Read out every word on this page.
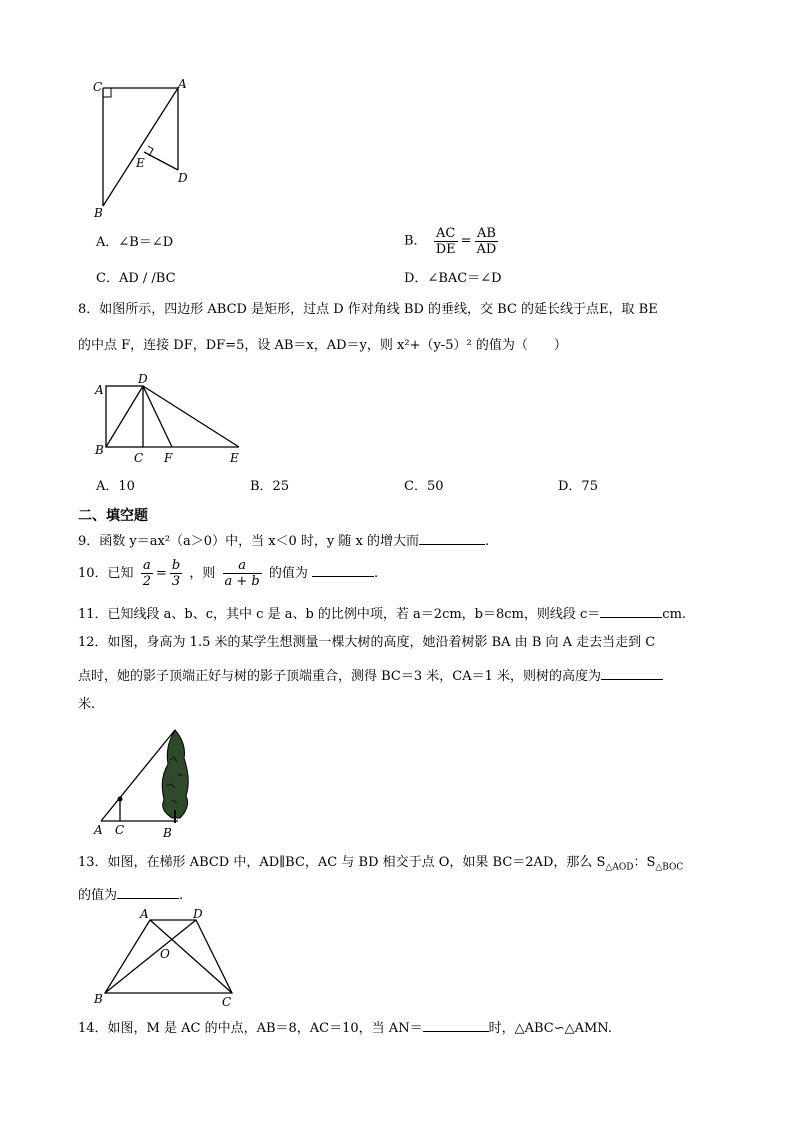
C	A
E
D
B
A．∠B＝∠D	B． $\frac{AC}{DE} = \frac{AB}{AD}$
C．AD / /BC	D．∠BAC＝∠D
8．如图所示，四边形 ABCD 是矩形，过点 D 作对角线 BD 的垂线，交 BC 的延长线于点E，取 BE
的中点 F，连接 DF，DF=5，设 AB＝x，AD＝y，则 x²+（y-5）² 的值为（　　）
A
D
B
C F	E
A．10	B．25	C．50	D．75
二、填空题
9．函数 y＝ax²（a＞0）中，当 x＜0 时，y 随 x 的增大而	.
10．已知 $\frac{a}{2} = \frac{b}{3}$ ，则 $\frac{a}{a + b}$ 的值为	.
11．已知线段 a、b、c，其中 c 是 a、b 的比例中项，若 a＝2cm，b＝8cm，则线段 c＝	cm.
12．如图，身高为 1.5 米的某学生想测量一棵大树的高度，她沿着树影 BA 由 B 向 A 走去当走到 C
点时，她的影子顶端正好与树的影子顶端重合，测得 BC＝3 米，CA＝1 米，则树的高度为
米.
A C	B
13．如图，在梯形 ABCD 中，AD∥BC，AC 与 BD 相交于点 O，如果 BC＝2AD，那么 $S_{\triangle AOD}$：$S_{\triangle BOC}$
的值为	.
A	D
O
B	C
14．如图，M 是 AC 的中点，AB＝8，AC＝10，当 AN＝	时，△ABC∽△AMN.
